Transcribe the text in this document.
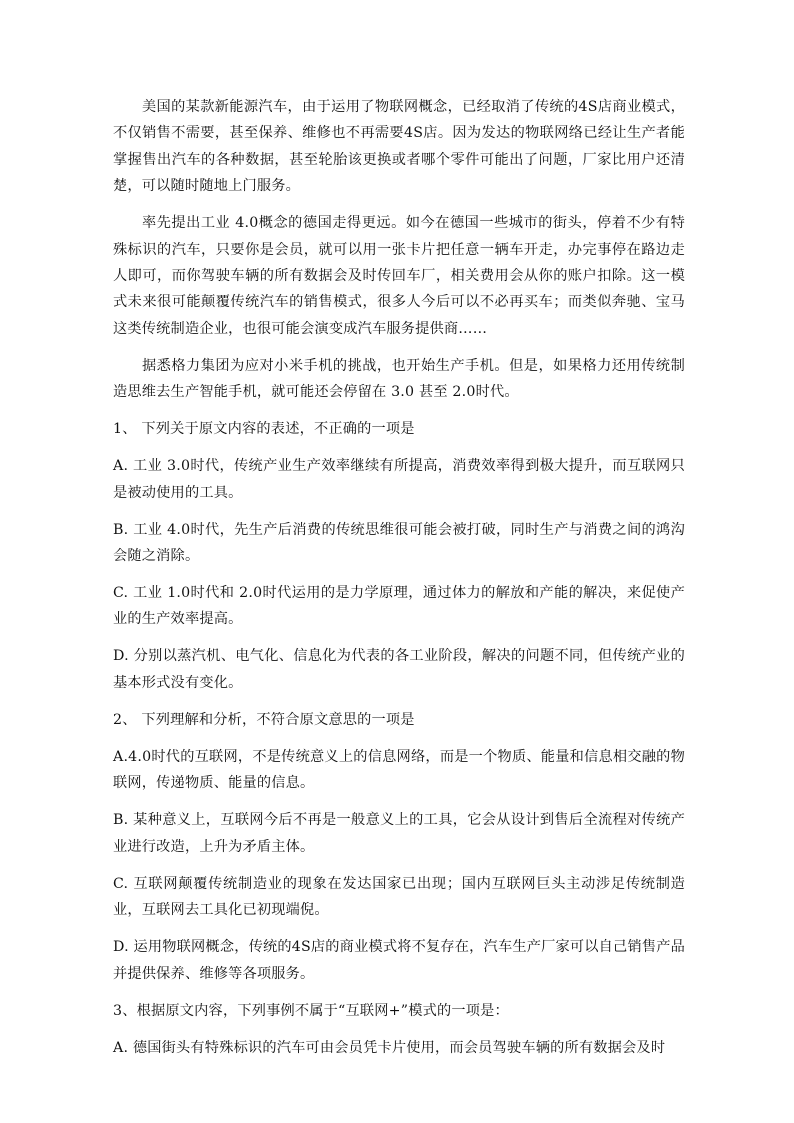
美国的某款新能源汽车，由于运用了物联网概念，已经取消了传统的4S店商业模式，不仅销售不需要，甚至保养、维修也不再需要4S店。因为发达的物联网络已经让生产者能掌握售出汽车的各种数据，甚至轮胎该更换或者哪个零件可能出了问题，厂家比用户还清楚，可以随时随地上门服务。

率先提出工业 4.0概念的德国走得更远。如今在德国一些城市的街头，停着不少有特殊标识的汽车，只要你是会员，就可以用一张卡片把任意一辆车开走，办完事停在路边走人即可，而你驾驶车辆的所有数据会及时传回车厂，相关费用会从你的账户扣除。这一模式未来很可能颠覆传统汽车的销售模式，很多人今后可以不必再买车；而类似奔驰、宝马这类传统制造企业，也很可能会演变成汽车服务提供商……

据悉格力集团为应对小米手机的挑战，也开始生产手机。但是，如果格力还用传统制造思维去生产智能手机，就可能还会停留在 3.0 甚至 2.0时代。

1、 下列关于原文内容的表述，不正确的一项是

A. 工业 3.0时代，传统产业生产效率继续有所提高，消费效率得到极大提升，而互联网只是被动使用的工具。

B. 工业 4.0时代，先生产后消费的传统思维很可能会被打破，同时生产与消费之间的鸿沟会随之消除。

C. 工业 1.0时代和 2.0时代运用的是力学原理，通过体力的解放和产能的解决，来促使产业的生产效率提高。

D. 分别以蒸汽机、电气化、信息化为代表的各工业阶段，解决的问题不同，但传统产业的基本形式没有变化。

2、 下列理解和分析，不符合原文意思的一项是

A.4.0时代的互联网，不是传统意义上的信息网络，而是一个物质、能量和信息相交融的物联网，传递物质、能量的信息。

B. 某种意义上，互联网今后不再是一般意义上的工具，它会从设计到售后全流程对传统产业进行改造，上升为矛盾主体。

C. 互联网颠覆传统制造业的现象在发达国家已出现；国内互联网巨头主动涉足传统制造业，互联网去工具化已初现端倪。

D. 运用物联网概念，传统的4S店的商业模式将不复存在，汽车生产厂家可以自己销售产品并提供保养、维修等各项服务。

3、根据原文内容，下列事例不属于“互联网+”模式的一项是：

A. 德国街头有特殊标识的汽车可由会员凭卡片使用，而会员驾驶车辆的所有数据会及时
